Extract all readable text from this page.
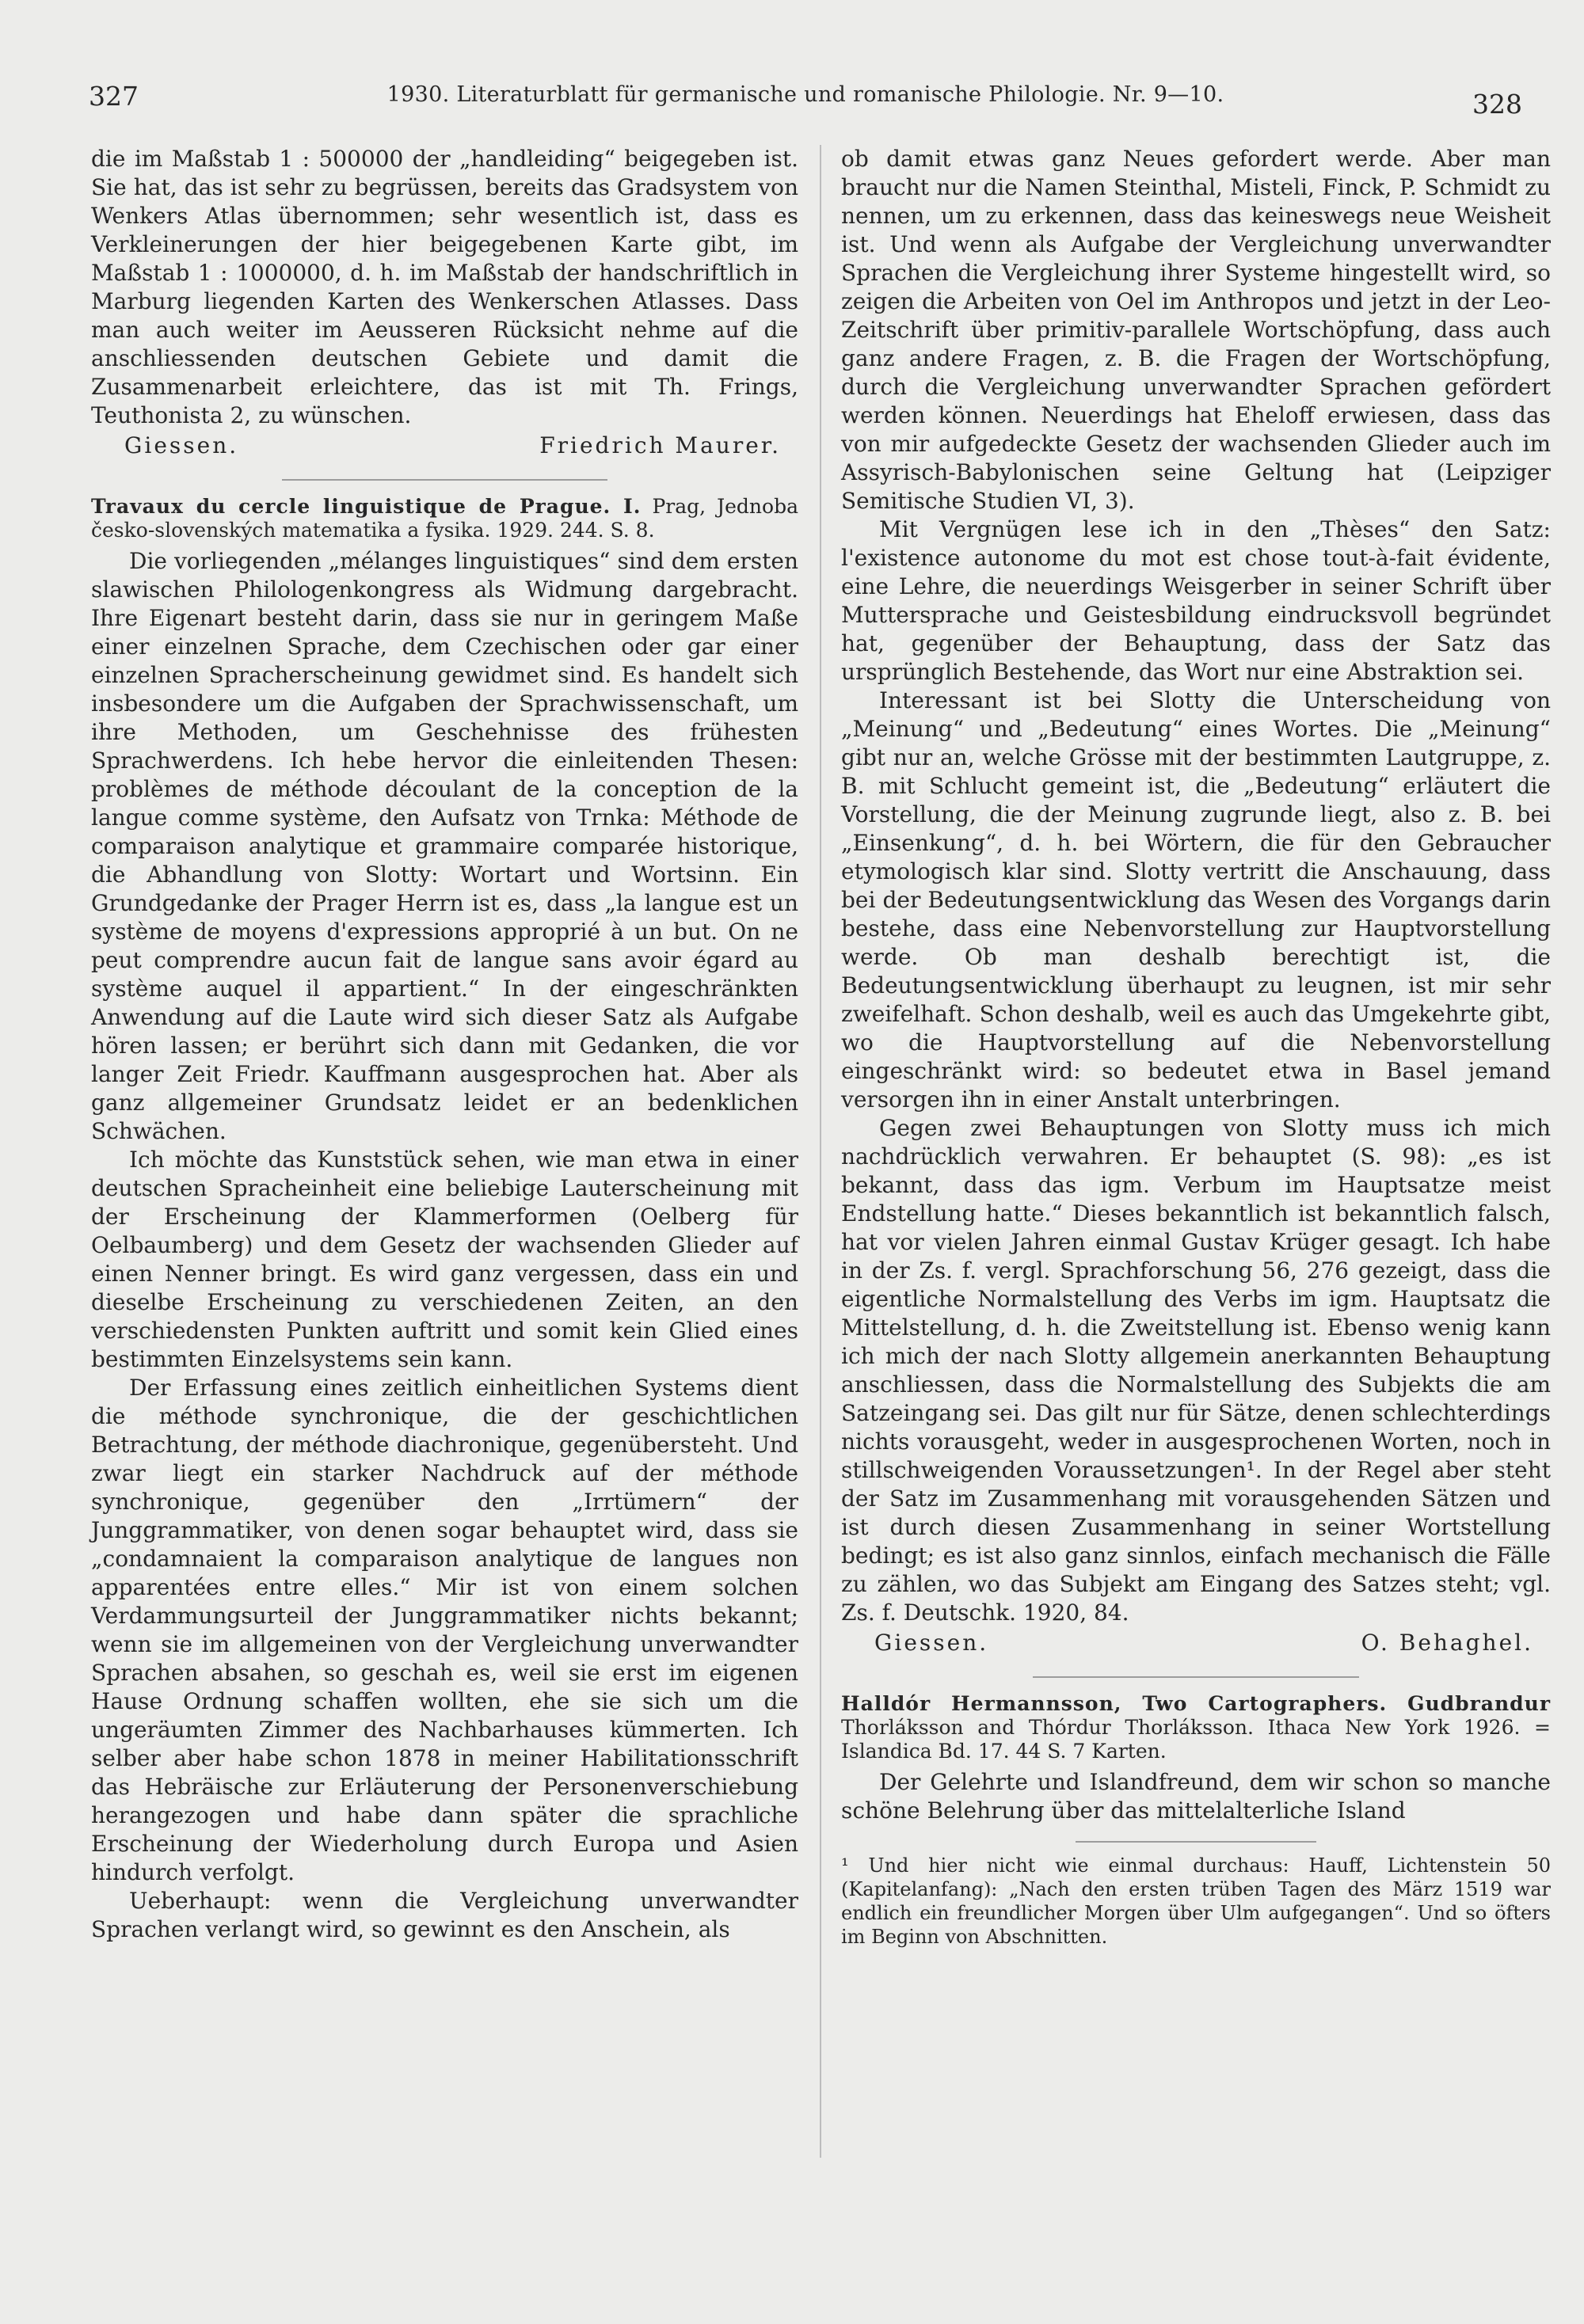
327	1930. Literaturblatt für germanische und romanische Philologie. Nr. 9—10.	328

die im Maßstab 1 : 500000 der „handleiding“ beigegeben ist. Sie hat, das ist sehr zu begrüssen, bereits das Gradsystem von Wenkers Atlas übernommen; sehr wesentlich ist, dass es Verkleinerungen der hier beigegebenen Karte gibt, im Maßstab 1 : 1000000, d. h. im Maßstab der handschriftlich in Marburg liegenden Karten des Wenkerschen Atlasses. Dass man auch weiter im Aeusseren Rücksicht nehme auf die anschliessenden deutschen Gebiete und damit die Zusammenarbeit erleichtere, das ist mit Th. Frings, Teuthonista 2, zu wünschen.

Giessen.	Friedrich Maurer.
Travaux du cercle linguistique de Prague. I. Prag, Jednoba česko-slovenských matematika a fysika. 1929. 244. S. 8.

Die vorliegenden „mélanges linguistiques“ sind dem ersten slawischen Philologenkongress als Widmung dargebracht. Ihre Eigenart besteht darin, dass sie nur in geringem Maße einer einzelnen Sprache, dem Czechischen oder gar einer einzelnen Spracherscheinung gewidmet sind. Es handelt sich insbesondere um die Aufgaben der Sprachwissenschaft, um ihre Methoden, um Geschehnisse des frühesten Sprachwerdens. Ich hebe hervor die einleitenden Thesen: problèmes de méthode découlant de la conception de la langue comme système, den Aufsatz von Trnka: Méthode de comparaison analytique et grammaire comparée historique, die Abhandlung von Slotty: Wortart und Wortsinn. Ein Grundgedanke der Prager Herrn ist es, dass „la langue est un système de moyens d'expressions approprié à un but. On ne peut comprendre aucun fait de langue sans avoir égard au système auquel il appartient.“ In der eingeschränkten Anwendung auf die Laute wird sich dieser Satz als Aufgabe hören lassen; er berührt sich dann mit Gedanken, die vor langer Zeit Friedr. Kauffmann ausgesprochen hat. Aber als ganz allgemeiner Grundsatz leidet er an bedenklichen Schwächen.

Ich möchte das Kunststück sehen, wie man etwa in einer deutschen Spracheinheit eine beliebige Lauterscheinung mit der Erscheinung der Klammerformen (Oelberg für Oelbaumberg) und dem Gesetz der wachsenden Glieder auf einen Nenner bringt. Es wird ganz vergessen, dass ein und dieselbe Erscheinung zu verschiedenen Zeiten, an den verschiedensten Punkten auftritt und somit kein Glied eines bestimmten Einzelsystems sein kann.

Der Erfassung eines zeitlich einheitlichen Systems dient die méthode synchronique, die der geschichtlichen Betrachtung, der méthode diachronique, gegenübersteht. Und zwar liegt ein starker Nachdruck auf der méthode synchronique, gegenüber den „Irrtümern“ der Junggrammatiker, von denen sogar behauptet wird, dass sie „condamnaient la comparaison analytique de langues non apparentées entre elles.“ Mir ist von einem solchen Verdammungsurteil der Junggrammatiker nichts bekannt; wenn sie im allgemeinen von der Vergleichung unverwandter Sprachen absahen, so geschah es, weil sie erst im eigenen Hause Ordnung schaffen wollten, ehe sie sich um die ungeräumten Zimmer des Nachbarhauses kümmerten. Ich selber aber habe schon 1878 in meiner Habilitationsschrift das Hebräische zur Erläuterung der Personenverschiebung herangezogen und habe dann später die sprachliche Erscheinung der Wiederholung durch Europa und Asien hindurch verfolgt.

Ueberhaupt: wenn die Vergleichung unverwandter Sprachen verlangt wird, so gewinnt es den Anschein, als

ob damit etwas ganz Neues gefordert werde. Aber man braucht nur die Namen Steinthal, Misteli, Finck, P. Schmidt zu nennen, um zu erkennen, dass das keineswegs neue Weisheit ist. Und wenn als Aufgabe der Vergleichung unverwandter Sprachen die Vergleichung ihrer Systeme hingestellt wird, so zeigen die Arbeiten von Oel im Anthropos und jetzt in der Leo-Zeitschrift über primitiv-parallele Wortschöpfung, dass auch ganz andere Fragen, z. B. die Fragen der Wortschöpfung, durch die Vergleichung unverwandter Sprachen gefördert werden können. Neuerdings hat Eheloff erwiesen, dass das von mir aufgedeckte Gesetz der wachsenden Glieder auch im Assyrisch-Babylonischen seine Geltung hat (Leipziger Semitische Studien VI, 3).

Mit Vergnügen lese ich in den „Thèses“ den Satz: l'existence autonome du mot est chose tout-à-fait évidente, eine Lehre, die neuerdings Weisgerber in seiner Schrift über Muttersprache und Geistesbildung eindrucksvoll begründet hat, gegenüber der Behauptung, dass der Satz das ursprünglich Bestehende, das Wort nur eine Abstraktion sei.

Interessant ist bei Slotty die Unterscheidung von „Meinung“ und „Bedeutung“ eines Wortes. Die „Meinung“ gibt nur an, welche Grösse mit der bestimmten Lautgruppe, z. B. mit Schlucht gemeint ist, die „Bedeutung“ erläutert die Vorstellung, die der Meinung zugrunde liegt, also z. B. bei „Einsenkung“, d. h. bei Wörtern, die für den Gebraucher etymologisch klar sind. Slotty vertritt die Anschauung, dass bei der Bedeutungsentwicklung das Wesen des Vorgangs darin bestehe, dass eine Nebenvorstellung zur Hauptvorstellung werde. Ob man deshalb berechtigt ist, die Bedeutungsentwicklung überhaupt zu leugnen, ist mir sehr zweifelhaft. Schon deshalb, weil es auch das Umgekehrte gibt, wo die Hauptvorstellung auf die Nebenvorstellung eingeschränkt wird: so bedeutet etwa in Basel jemand versorgen ihn in einer Anstalt unterbringen.

Gegen zwei Behauptungen von Slotty muss ich mich nachdrücklich verwahren. Er behauptet (S. 98): „es ist bekannt, dass das igm. Verbum im Hauptsatze meist Endstellung hatte.“ Dieses bekanntlich ist bekanntlich falsch, hat vor vielen Jahren einmal Gustav Krüger gesagt. Ich habe in der Zs. f. vergl. Sprachforschung 56, 276 gezeigt, dass die eigentliche Normalstellung des Verbs im igm. Hauptsatz die Mittelstellung, d. h. die Zweitstellung ist. Ebenso wenig kann ich mich der nach Slotty allgemein anerkannten Behauptung anschliessen, dass die Normalstellung des Subjekts die am Satzeingang sei. Das gilt nur für Sätze, denen schlechterdings nichts vorausgeht, weder in ausgesprochenen Worten, noch in stillschweigenden Voraussetzungen¹. In der Regel aber steht der Satz im Zusammenhang mit vorausgehenden Sätzen und ist durch diesen Zusammenhang in seiner Wortstellung bedingt; es ist also ganz sinnlos, einfach mechanisch die Fälle zu zählen, wo das Subjekt am Eingang des Satzes steht; vgl. Zs. f. Deutschk. 1920, 84.

Giessen.	O. Behaghel.
Halldór Hermannsson, Two Cartographers. Gudbrandur Thorláksson and Thórdur Thorláksson. Ithaca New York 1926. = Islandica Bd. 17. 44 S. 7 Karten.

Der Gelehrte und Islandfreund, dem wir schon so manche schöne Belehrung über das mittelalterliche Island

¹ Und hier nicht wie einmal durchaus: Hauff, Lichtenstein 50 (Kapitelanfang): „Nach den ersten trüben Tagen des März 1519 war endlich ein freundlicher Morgen über Ulm aufgegangen“. Und so öfters im Beginn von Abschnitten.
